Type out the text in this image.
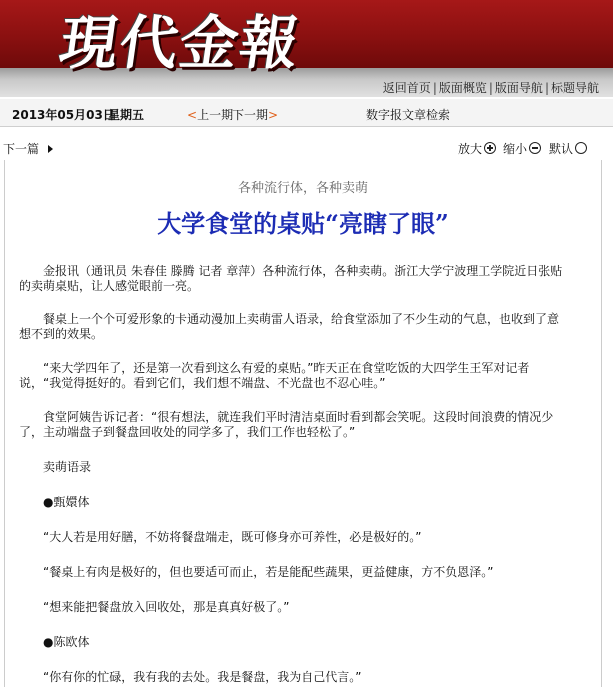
現代金報
返回首页 | 版面概览 | 版面导航 | 标题导航
2013年05月03日
星期五	<上一期
下一期>	数字报文章检索
下一篇	放大	缩小	默认
各种流行体，各种卖萌
大学食堂的桌贴“亮瞎了眼”

　　金报讯（通讯员 朱春佳 滕腾 记者 章萍）各种流行体，各种卖萌。浙江大学宁波理工学院近日张贴的卖萌桌贴，让人感觉眼前一亮。

　　餐桌上一个个可爱形象的卡通动漫加上卖萌雷人语录，给食堂添加了不少生动的气息，也收到了意想不到的效果。

　　“来大学四年了，还是第一次看到这么有爱的桌贴。”昨天正在食堂吃饭的大四学生王军对记者说，“我觉得挺好的。看到它们，我们想不端盘、不光盘也不忍心哇。”

　　食堂阿姨告诉记者：“很有想法，就连我们平时清洁桌面时看到都会笑呢。这段时间浪费的情况少了，主动端盘子到餐盘回收处的同学多了，我们工作也轻松了。”

　　卖萌语录

　　●甄嬛体

　　“大人若是用好膳，不妨将餐盘端走，既可修身亦可养性，必是极好的。”

　　“餐桌上有肉是极好的，但也要适可而止，若是能配些蔬果，更益健康，方不负恩泽。”

　　“想来能把餐盘放入回收处，那是真真好极了。”

　　●陈欧体

　　“你有你的忙碌，我有我的去处。我是餐盘，我为自己代言。”
